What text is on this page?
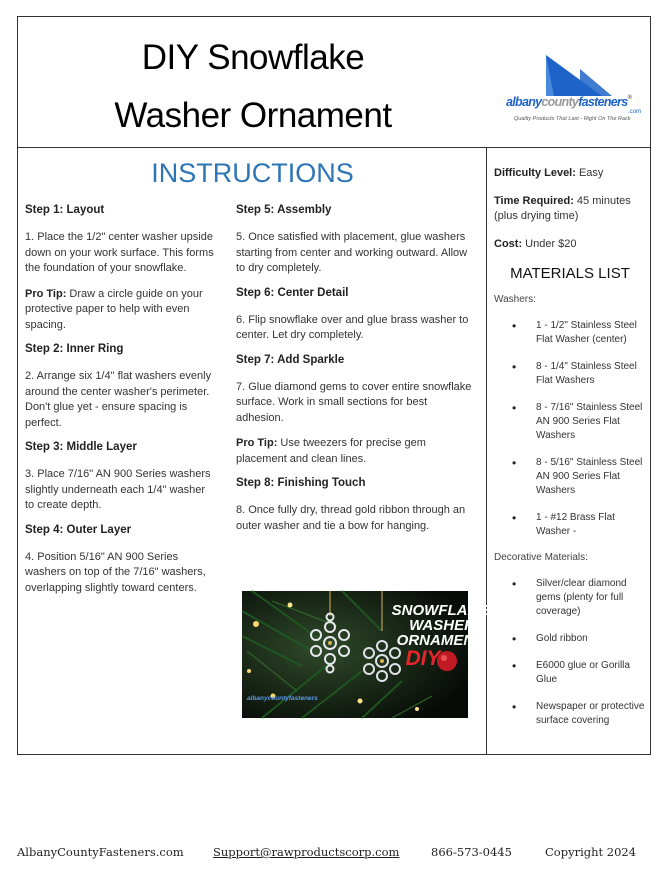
DIY Snowflake
Washer Ornament	albanycountyfasteners®
.com
Quality Products That Last - Right On The Rack
INSTRUCTIONS
Step 1: Layout

1. Place the 1/2" center washer upside down on your work surface. This forms the foundation of your snowflake.

Pro Tip: Draw a circle guide on your protective paper to help with even spacing.

Step 2: Inner Ring

2. Arrange six 1/4" flat washers evenly around the center washer's perimeter. Don't glue yet - ensure spacing is perfect.

Step 3: Middle Layer

3. Place 7/16" AN 900 Series washers slightly underneath each 1/4" washer to create depth.

Step 4: Outer Layer

4. Position 5/16" AN 900 Series washers on top of the 7/16" washers, overlapping slightly toward centers.

Step 5: Assembly

5. Once satisfied with placement, glue washers starting from center and working outward. Allow to dry completely.

Step 6: Center Detail

6. Flip snowflake over and glue brass washer to center. Let dry completely.

Step 7: Add Sparkle

7. Glue diamond gems to cover entire snowflake surface. Work in small sections for best adhesion.

Pro Tip: Use tweezers for precise gem placement and clean lines.

Step 8: Finishing Touch

8. Once fully dry, thread gold ribbon through an outer washer and tie a bow for hanging.

SNOWFLAKE
WASHER
ORNAMENT
DIY
albanycountyfasteners

Difficulty Level: Easy

Time Required: 45 minutes (plus drying time)

Cost: Under $20

MATERIALS LIST
Washers:
• 1 - 1/2" Stainless Steel Flat Washer (center)
• 8 - 1/4" Stainless Steel Flat Washers
• 8 - 7/16" Stainless Steel AN 900 Series Flat Washers
• 8 - 5/16" Stainless Steel AN 900 Series Flat Washers
• 1 - #12 Brass Flat Washer -
Decorative Materials:
• Silver/clear diamond gems (plenty for full coverage)
• Gold ribbon
• E6000 glue or Gorilla Glue
• Newspaper or protective surface covering
AlbanyCountyFasteners.com	Support@rawproductscorp.com	866-573-0445	Copyright 2024
